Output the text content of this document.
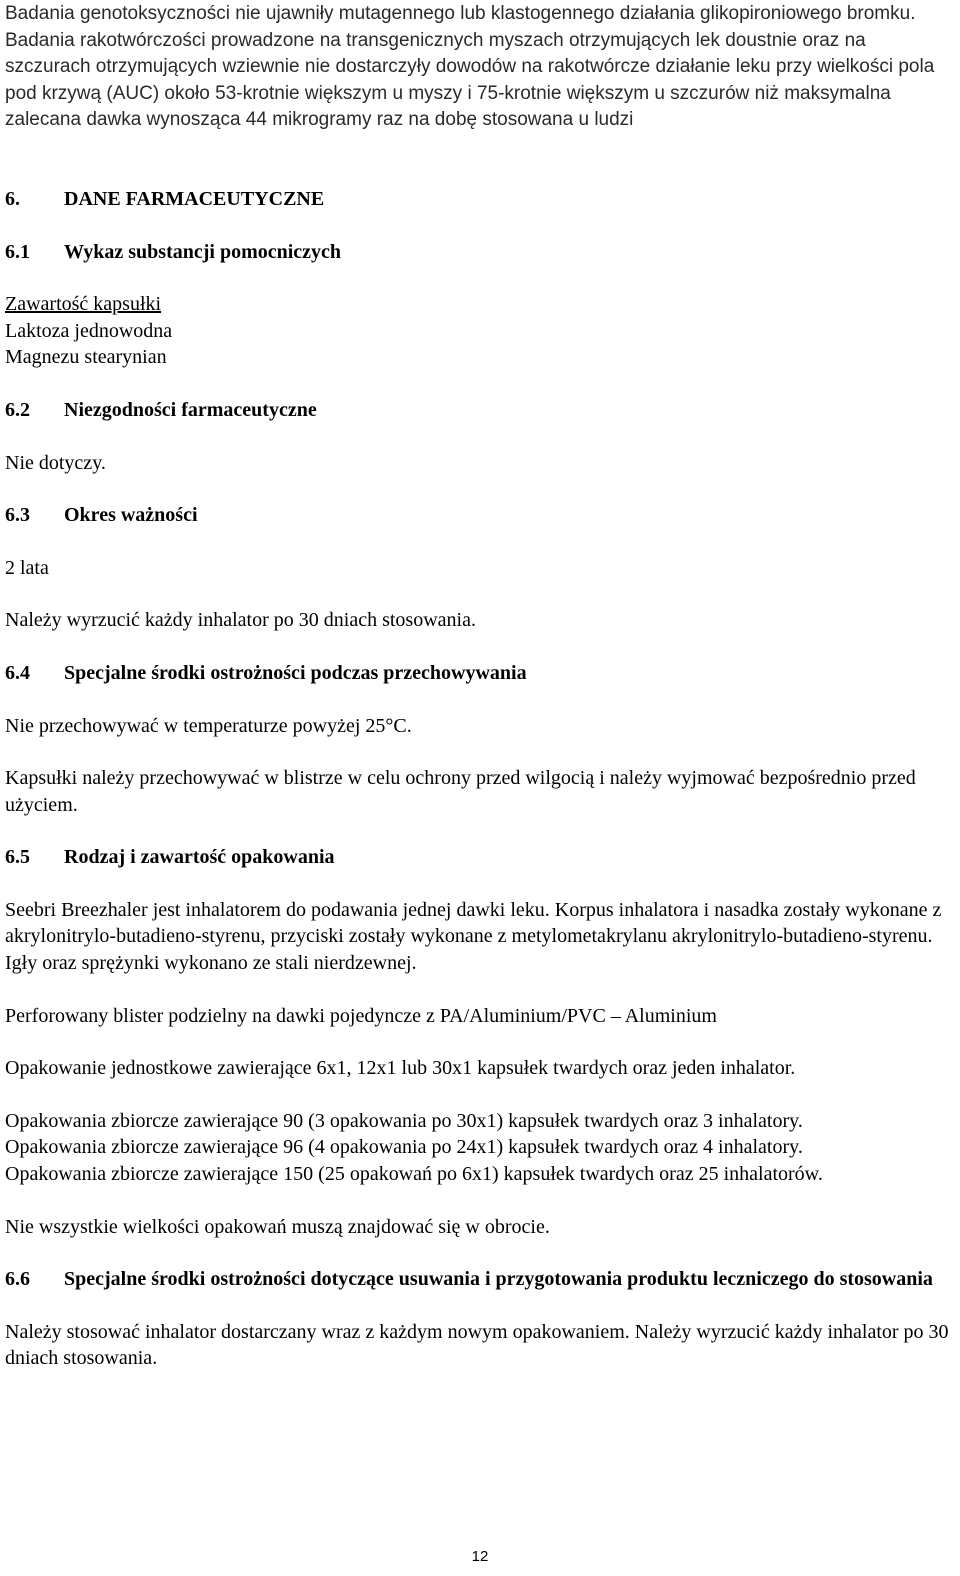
Badania genotoksyczności nie ujawniły mutagennego lub klastogennego działania glikopironiowego bromku. Badania rakotwórczości prowadzone na transgenicznych myszach otrzymujących lek doustnie oraz na szczurach otrzymujących wziewnie nie dostarczyły dowodów na rakotwórcze działanie leku przy wielkości pola pod krzywą (AUC) około 53-krotnie większym u myszy i 75-krotnie większym u szczurów niż maksymalna zalecana dawka wynosząca 44 mikrogramy raz na dobę stosowana u ludzi

6.	DANE FARMACEUTYCZNE
6.1	Wykaz substancji pomocniczych

Zawartość kapsułki

Laktoza jednowodna

Magnezu stearynian

6.2	Niezgodności farmaceutyczne

Nie dotyczy.

6.3	Okres ważności

2 lata

Należy wyrzucić każdy inhalator po 30 dniach stosowania.

6.4	Specjalne środki ostrożności podczas przechowywania

Nie przechowywać w temperaturze powyżej 25°C.

Kapsułki należy przechowywać w blistrze w celu ochrony przed wilgocią i należy wyjmować bezpośrednio przed użyciem.

6.5	Rodzaj i zawartość opakowania

Seebri Breezhaler jest inhalatorem do podawania jednej dawki leku. Korpus inhalatora i nasadka zostały wykonane z akrylonitrylo-butadieno-styrenu, przyciski zostały wykonane z metylometakrylanu akrylonitrylo-butadieno-styrenu. Igły oraz sprężynki wykonano ze stali nierdzewnej.

Perforowany blister podzielny na dawki pojedyncze z PA/Aluminium/PVC – Aluminium

Opakowanie jednostkowe zawierające 6x1, 12x1 lub 30x1 kapsułek twardych oraz jeden inhalator.

Opakowania zbiorcze zawierające 90 (3 opakowania po 30x1) kapsułek twardych oraz 3 inhalatory.

Opakowania zbiorcze zawierające 96 (4 opakowania po 24x1) kapsułek twardych oraz 4 inhalatory.

Opakowania zbiorcze zawierające 150 (25 opakowań po 6x1) kapsułek twardych oraz 25 inhalatorów.

Nie wszystkie wielkości opakowań muszą znajdować się w obrocie.

6.6	Specjalne środki ostrożności dotyczące usuwania i przygotowania produktu leczniczego do stosowania

Należy stosować inhalator dostarczany wraz z każdym nowym opakowaniem. Należy wyrzucić każdy inhalator po 30 dniach stosowania.

12
